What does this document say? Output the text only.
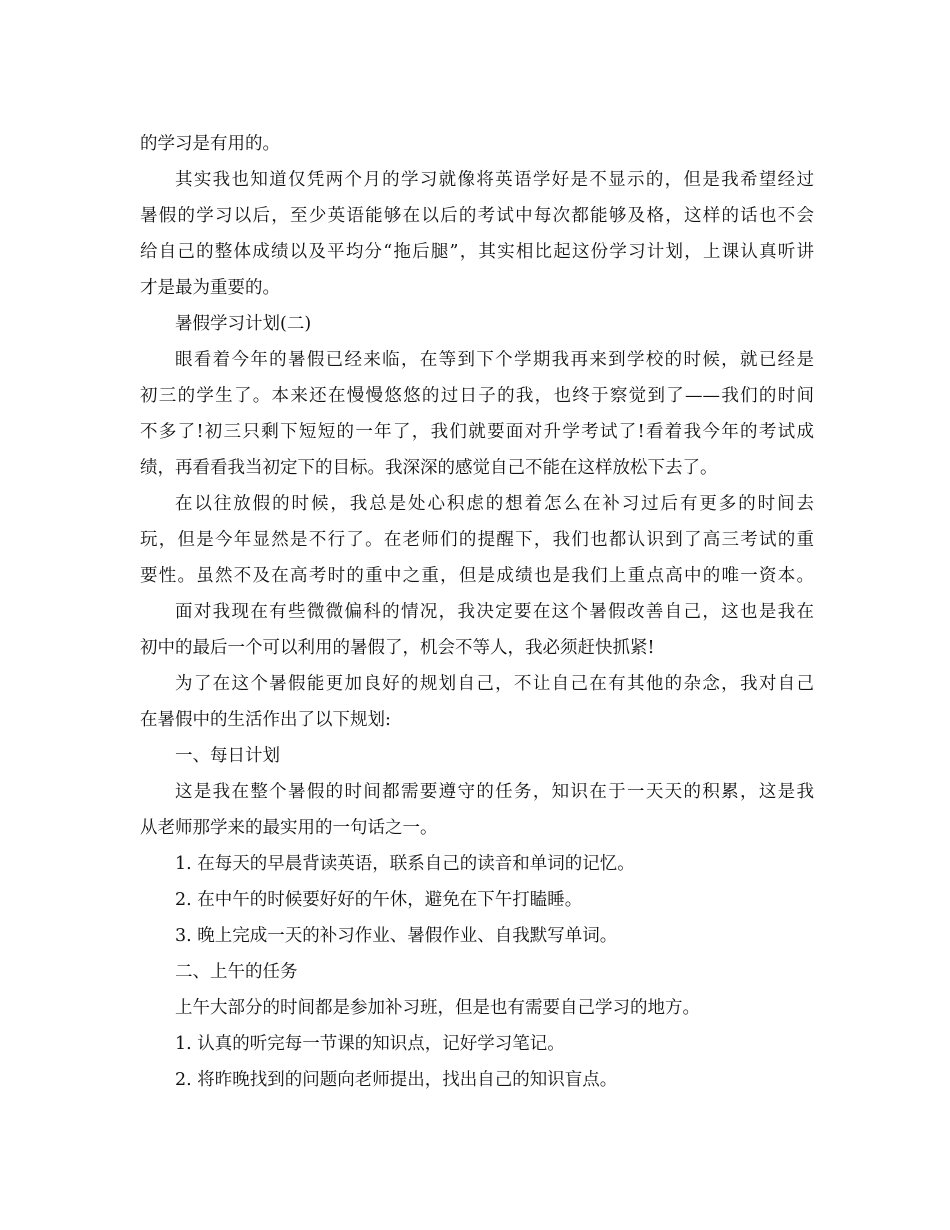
的学习是有用的。

其实我也知道仅凭两个月的学习就像将英语学好是不显示的，但是我希望经过

暑假的学习以后，至少英语能够在以后的考试中每次都能够及格，这样的话也不会

给自己的整体成绩以及平均分“拖后腿”，其实相比起这份学习计划，上课认真听讲

才是最为重要的。

暑假学习计划(二)

眼看着今年的暑假已经来临，在等到下个学期我再来到学校的时候，就已经是

初三的学生了。本来还在慢慢悠悠的过日子的我，也终于察觉到了——我们的时间

不多了!初三只剩下短短的一年了，我们就要面对升学考试了!看着我今年的考试成

绩，再看看我当初定下的目标。我深深的感觉自己不能在这样放松下去了。

在以往放假的时候，我总是处心积虑的想着怎么在补习过后有更多的时间去

玩，但是今年显然是不行了。在老师们的提醒下，我们也都认识到了高三考试的重

要性。虽然不及在高考时的重中之重，但是成绩也是我们上重点高中的唯一资本。

面对我现在有些微微偏科的情况，我决定要在这个暑假改善自己，这也是我在

初中的最后一个可以利用的暑假了，机会不等人，我必须赶快抓紧!

为了在这个暑假能更加良好的规划自己，不让自己在有其他的杂念，我对自己

在暑假中的生活作出了以下规划:

一、每日计划

这是我在整个暑假的时间都需要遵守的任务，知识在于一天天的积累，这是我

从老师那学来的最实用的一句话之一。

1. 在每天的早晨背读英语，联系自己的读音和单词的记忆。

2. 在中午的时候要好好的午休，避免在下午打瞌睡。

3. 晚上完成一天的补习作业、暑假作业、自我默写单词。

二、上午的任务

上午大部分的时间都是参加补习班，但是也有需要自己学习的地方。

1. 认真的听完每一节课的知识点，记好学习笔记。

2. 将昨晚找到的问题向老师提出，找出自己的知识盲点。
